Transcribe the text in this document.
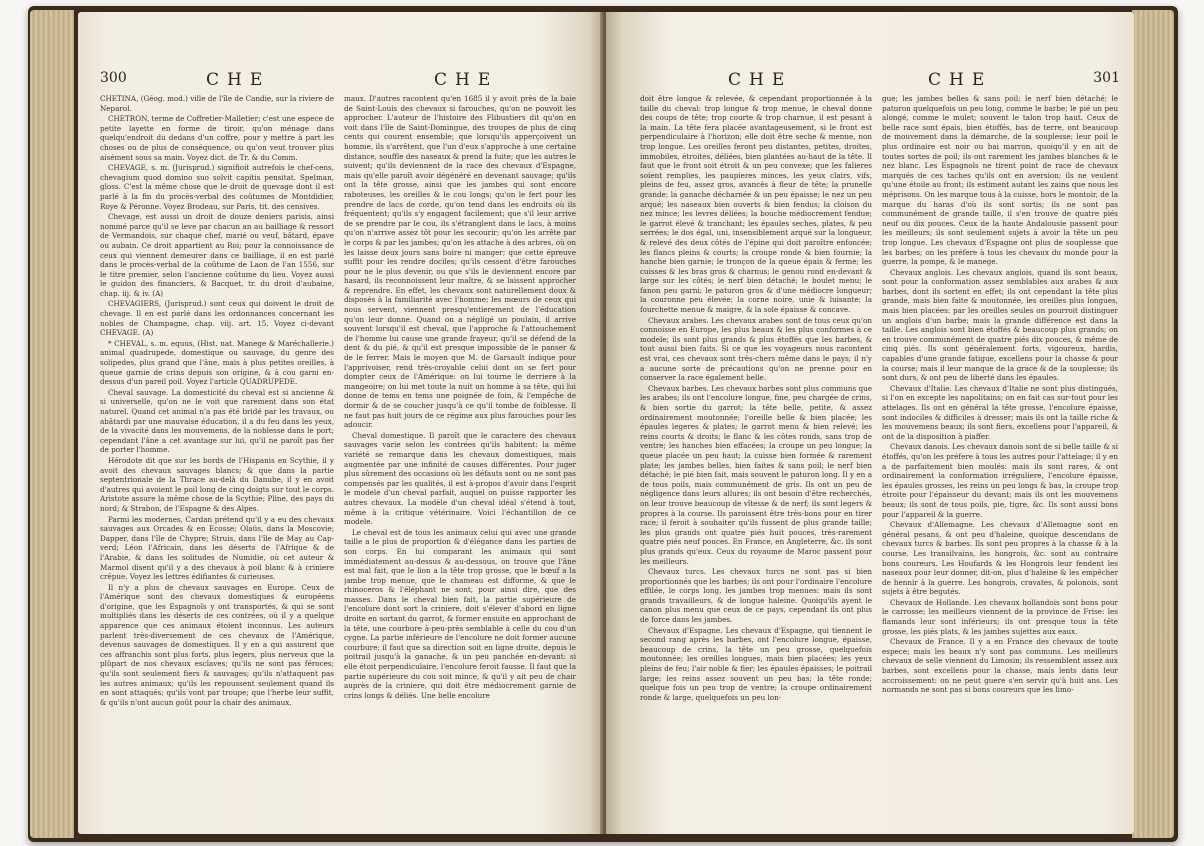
300	CHE	CHE

CHETINA, (Géog. mod.) ville de l'île de Candie, sur la riviere de Neparol.

CHETRON, terme de Coffretier-Malletier; c'est une espece de petite layette en forme de tiroir, qu'on ménage dans quelqu'endroit du dedans d'un coffre, pour y mettre à part les choses ou de plus de conséquence, ou qu'on veut trouver plus aisément sous sa main. Voyez dict. de Tr. & du Comm.

CHEVAGE, s. m. (Jurisprud.) signifioit autrefois le chef-cens, chevagium quod domino suo solvit capitis pensitat. Spelman, gloss. C'est la même chose que le droit de quevage dont il est parlé à la fin du procès-verbal des coûtumes de Montdidier, Roye & Péronne. Voyez Brodeau, sur Paris, tit. des censives.

Chevage, est aussi un droit de douze deniers parisis, ainsi nommé parce qu'il se leve par chacun an au bailliage & ressort de Vermandois, sur chaque chef, marié ou veuf, bâtard, épave ou aubain. Ce droit appartient au Roi; pour la connoissance de ceux qui viennent demeurer dans ce bailliage, il en est parlé dans le procès-verbal de la coûtume de Laon de l'an 1556, sur le titre premier, selon l'ancienne coûtume du lieu. Voyez aussi le guidon des financiers, & Bacquet, tr. du droit d'aubaine, chap. iij. & iv. (A)

CHEVAGIERS, (Jurisprud.) sont ceux qui doivent le droit de chevage. Il en est parlé dans les ordonnances concernant les nobles de Champagne, chap. viij. art. 15. Voyez ci-devant CHEVAGE. (A)

* CHEVAL, s. m. equus, (Hist. nat. Manege & Maréchallerie.) animal quadrupede, domestique ou sauvage, du genre des solipedes, plus grand que l'âne, mais à plus petites oreilles, à queue garnie de crins depuis son origine, & à cou garni en-dessus d'un pareil poil. Voyez l'article QUADRUPEDE.

Cheval sauvage. La domesticité du cheval est si ancienne & si universelle, qu'on ne le voit que rarement dans son état naturel. Quand cet animal n'a pas été bridé par les travaux, ou abâtardi par une mauvaise éducation, il a du feu dans les yeux, de la vivacité dans les mouvemens, de la noblesse dans le port; cependant l'âne a cet avantage sur lui, qu'il ne paroît pas fier de porter l'homme.

Hérodote dit que sur les bords de l'Hispanis en Scythie, il y avoit des chevaux sauvages blancs; & que dans la partie septentrionale de la Thrace au-delà du Danube, il y en avoit d'autres qui avoient le poil long de cinq doigts sur tout le corps. Aristote assure la même chose de la Scythie; Pline, des pays du nord; & Strabon, de l'Espagne & des Alpes.

Parmi les modernes, Cardan prétend qu'il y a eu des chevaux sauvages aux Orcades & en Ecosse; Olaüs, dans la Moscovie; Dapper, dans l'île de Chypre; Struis, dans l'île de May au Cap-verd; Léon l'Africain, dans les déserts de l'Afrique & de l'Arabie, & dans les solitudes de Numidie, où cet auteur & Marmol disent qu'il y a des chevaux à poil blanc & à criniere crêpue. Voyez les lettres édifiantes & curieuses.

Il n'y a plus de chevaux sauvages en Europe. Ceux de l'Amérique sont des chevaux domestiques & européens d'origine, que les Espagnols y ont transportés, & qui se sont multipliés dans les déserts de ces contrées, où il y a quelque apparence que ces animaux étoient inconnus. Les auteurs parlent très-diversement de ces chevaux de l'Amérique, devenus sauvages de domestiques. Il y en a qui assurent que ces affranchis sont plus forts, plus legers, plus nerveux que la plûpart de nos chevaux esclaves; qu'ils ne sont pas féroces; qu'ils sont seulement fiers & sauvages; qu'ils n'attaquent pas les autres animaux; qu'ils les repoussent seulement quand ils en sont attaqués; qu'ils vont par troupe; que l'herbe leur suffit, & qu'ils n'ont aucun goût pour la chair des animaux.

maux. D'autres racontent qu'en 1685 il y avoit près de la baie de Saint-Louis des chevaux si farouches, qu'on ne pouvoit les approcher. L'auteur de l'histoire des Flibustiers dit qu'on en voit dans l'île de Saint-Domingue, des troupes de plus de cinq cents qui courent ensemble; que lorsqu'ils apperçoivent un homme, ils s'arrêtent, que l'un d'eux s'approche à une certaine distance, souffle des naseaux & prend la fuite; que les autres le suivent; qu'ils deviennent de la race des chevaux d'Espagne, mais qu'elle paroît avoir dégénéré en devenant sauvage; qu'ils ont la tête grosse, ainsi que les jambes qui sont encore raboteuses, les oreilles & le cou longs; qu'on le fert pour les prendre de lacs de corde, qu'on tend dans les endroits où ils fréquentent; qu'ils s'y engagent facilement; que s'il leur arrive de se prendre par le cou, ils s'étranglent dans le lacs, à moins qu'on n'arrive assez tôt pour les secourir; qu'on les arrête par le corps & par les jambes; qu'on les attache à des arbres, où on les laisse deux jours sans boire ni manger; que cette épreuve suffit pour les rendre dociles; qu'ils cessent d'être farouches pour ne le plus devenir, ou que s'ils le deviennent encore par hasard, ils reconnoissent leur maître, & se laissent approcher & reprendre. En effet, les chevaux sont naturellement doux & disposés à la familiarité avec l'homme; les mœurs de ceux qui nous servent, viennent presqu'entierement de l'éducation qu'on leur donne. Quand on a négligé un poulain, il arrive souvent lorsqu'il est cheval, que l'approche & l'attouchement de l'homme lui cause une grande frayeur, qu'il se défend de la dent & du pié, & qu'il est presque impossible de le panser & de le ferrer. Mais le moyen que M. de Garsault indique pour l'apprivoiser, rend très-croyable celui dont on se fert pour dompter ceux de l'Amérique: on lui tourne le derriere à la mangeoire; on lui met toute la nuit un homme à sa tête, qui lui donne de tems en tems une poignée de foin, & l'empêche de dormir & de se coucher jusqu'à ce qu'il tombe de foiblesse. Il ne faut pas huit jours de ce régime aux plus farouches pour les adoucir.

Cheval domestique. Il paroît que le caractere des chevaux sauvages varie selon les contrées qu'ils habitent: la même variété se remarque dans les chevaux domestiques, mais augmentée par une infinité de causes différentes. Pour juger plus sûrement des occasions où les défauts sont ou ne sont pas compensés par les qualités, il est à-propos d'avoir dans l'esprit le modele d'un cheval parfait, auquel on puisse rapporter les autres chevaux. La modèle d'un cheval idéal s'étend à tout, même à la critique vétérinaire. Voici l'échantillon de ce modele.

Le cheval est de tous les animaux celui qui avec une grande taille a le plus de proportion & d'élégance dans les parties de son corps. En lui comparant les animaux qui sont immédiatement au-dessus & au-dessous, on trouve que l'âne est mal fait, que le lion a la tête trop grosse, que le bœuf a la jambe trop menue, que le chameau est difforme, & que le rhinoceros & l'éléphant ne sont, pour ainsi dire, que des masses. Dans le cheval bien fait, la partie supérieure de l'encolure dont sort la criniere, doit s'élever d'abord en ligne droite en sortant du garrot, & former ensuite en approchant de la tête, une courbure à-peu-près semblable à celle du cou d'un cygne. La partie inférieure de l'encolure ne doit former aucune courbure; il faut que sa direction soit en ligne droite, depuis le poitrail jusqu'à la ganache, & un peu panchée en-devant: si elle étoit perpendiculaire, l'encolure feroit fausse. Il faut que la partie supérieure du cou soit mince, & qu'il y ait peu de chair auprès de la criniere, qui doit être médiocrement garnie de crins longs & déliés. Une belle encolure

CHE	CHE	301

doit être longue & relevée, & cependant proportionnée à la taille du cheval: trop longue & trop menue, le cheval donne des coups de tête; trop courte & trop charnue, il est pesant à la main. La tête fera placée avantageusement, si le front est perpendiculaire à l'horizon; elle doit être seche & menue, non trop longue. Les oreilles feront peu distantes, petites, droites, immobiles, étroites, déliées, bien plantées au-haut de la tête. Il faut que le front soit étroit & un peu convexe; que les falieres soient remplies, les paupieres minces, les yeux clairs, vifs, pleins de feu, assez gros, avancés à fleur de tête; la prunelle grande; la ganache décharnée & un peu épaisse; le nez un peu arqué; les naseaux bien ouverts & bien fendus; la cloison du nez mince; les levres déliées; la bouche médiocrement fendue; le garrot élevé & tranchant; les épaules seches, plates, & peu serrées; le dos égal, uni, insensiblement arqué sur la longueur, & relevé des deux côtés de l'épine qui doit paroître enfoncée; les flancs pleins & courts; la croupe ronde & bien fournie; la hanche bien garnie; le tronçon de la queue épais & ferme; les cuisses & les bras gros & charnus; le genou rond en-devant & large sur les côtés; le nerf bien détaché; le boulet menu; le fanon peu garni; le paturon gros & d'une médiocre longueur; la couronne peu élevée; la corne noire, unie & luisante; la fourchette menue & maigre, & la sole épaisse & concave.

Chevaux arabes. Les chevaux arabes sont de tous ceux qu'on connoisse en Europe, les plus beaux & les plus conformes à ce modele; ils sont plus grands & plus étoffés que les barbes, & tout aussi bien faits. Si ce que les voyageurs nous racontent est vrai, ces chevaux sont très-chers même dans le pays; il n'y a aucune sorte de précautions qu'on ne prenne pour en conserver la race également belle.

Chevaux barbes. Les chevaux barbes sont plus communs que les arabes; ils ont l'encolure longue, fine, peu chargée de crins, & bien sortie du garrot; la tête belle, petite, & assez ordinairement moutonnée; l'oreille belle & bien placée; les épaules legeres & plates; le garrot menu & bien relevé; les reins courts & droits; le flanc & les côtes ronds, sans trop de ventre; les hanches bien effacées; la croupe un peu longue; la queue placée un peu haut; la cuisse bien formée & rarement plate; les jambes belles, bien faites & sans poil; le nerf bien détaché; le pié bien fait, mais souvent le paturon long. Il y en a de tous poils, mais communément de gris. Ils ont un peu de négligence dans leurs allures; ils ont besoin d'être recherchés, on leur trouve beaucoup de vîtesse & de nerf; ils sont legers & propres à la course. Ils paroissent être très-bons pour en tirer race; il feroit à souhaiter qu'ils fussent de plus grande taille; les plus grands ont quatre piés huit pouces, très-rarement quatre piés neuf pouces. En France, en Angleterre, &c. ils sont plus grands qu'eux. Ceux du royaume de Maroc passent pour les meilleurs.

Chevaux turcs. Les chevaux turcs ne sont pas si bien proportionnés que les barbes; ils ont pour l'ordinaire l'encolure effilée, le corps long, les jambes trop menues: mais ils sont grands travailleurs, & de longue haleine. Quoiqu'ils ayent le canon plus menu que ceux de ce pays, cependant ils ont plus de force dans les jambes.

Chevaux d'Espagne. Les chevaux d'Espagne, qui tiennent le second rang après les barbes, ont l'encolure longue, épaisse, beaucoup de crins, la tête un peu grosse, quelquefois moutonnée; les oreilles longues, mais bien placées; les yeux pleins de feu; l'air noble & fier; les épaules épaisses; le poitrail large; les reins assez souvent un peu bas; la tête ronde; quelque fois un peu trop de ventre; la croupe ordinairement ronde & large, quelquefois un peu lon-

gue; les jambes belles & sans poil; le nerf bien détaché; le paturon quelquefois un peu long, comme le barbe; le pié un peu alongé, comme le mulet; souvent le talon trop haut. Ceux de belle race sont épais, bien étoffés, bas de terre, ont beaucoup de mouvement dans la démarche, de la souplesse; leur poil le plus ordinaire est noir ou bai marron, quoiqu'il y en ait de toutes sortes de poil; ils ont rarement les jambes blanches & le nez blanc. Les Espagnols ne tirent point de race de chevaux marqués de ces taches qu'ils ont en aversion; ils ne veulent qu'une étoile au front; ils estiment autant les zains que nous les méprisons. On les marque tous à la cuisse, hors le montoir, de la marque du haras d'où ils sont sortis; ils ne sont pas communément de grande taille, il s'en trouve de quatre piés neuf ou dix pouces. Ceux de la haute Andalousie passent pour les meilleurs; ils sont seulement sujets à avoir la tête un peu trop longue. Les chevaux d'Espagne ont plus de souplesse que les barbes; on les préfere à tous les chevaux du monde pour la guerre, la pompe, & le manege.

Chevaux anglois. Les chevaux anglois, quand ils sont beaux, sont pour la conformation assez semblables aux arabes & aux barbes, dont ils sortent en effet; ils ont cependant la tête plus grande, mais bien faite & moutonnée, les oreilles plus longues, mais bien placées: par les oreilles seules on pourroit distinguer un anglois d'un barbe; mais la grande différence est dans la taille. Les anglois sont bien étoffés & beaucoup plus grands; on en trouve communément de quatre piés dix pouces, & même de cinq piés. Ils sont généralement forts, vigoureux, hardis, capables d'une grande fatigue, excellens pour la chasse & pour la course; mais il leur manque de la grace & de la souplesse; ils sont durs, & ont peu de liberté dans les épaules.

Chevaux d'Italie. Les chevaux d'Italie ne sont plus distingués, si l'on en excepte les napolitains; on en fait cas sur-tout pour les attelages. Ils ont en général la tête grosse, l'encolure épaisse, sont indociles & difficiles à dresser; mais ils ont la taille riche & les mouvemens beaux; ils sont fiers, excellens pour l'appareil, & ont de la disposition à piaffer.

Chevaux danois. Les chevaux danois sont de si belle taille & si étoffés, qu'on les préfere à tous les autres pour l'attelage; il y en a de parfaitement bien moulés: mais ils sont rares, & ont ordinairement la conformation irréguliere, l'encolure épaisse, les épaules grosses, les reins un peu longs & bas, la croupe trop étroite pour l'épaisseur du devant; mais ils ont les mouvemens beaux; ils sont de tous poils, pie, tigre, &c. Ils sont aussi bons pour l'appareil & la guerre.

Chevaux d'Allemagne. Les chevaux d'Allemagne sont en général pesans, & ont peu d'haleine, quoique descendans de chevaux turcs & barbes. Ils sont peu propres à la chasse & à la course. Les transilvains, les hongrois, &c. sont au contraire bons coureurs. Les Houfards & les Hongrois leur fendent les naseaux pour leur donner, dit-on, plus d'haleine & les empêcher de hennir à la guerre. Les hongrois, cravates, & polonois, sont sujets à être begutés.

Chevaux de Hollande. Les chevaux hollandois sont bons pour le carrosse; les meilleurs viennent de la province de Frise: les flamands leur sont inférieurs; ils ont presque tous la tête grosse, les piés plats, & les jambes sujettes aux eaux.

Chevaux de France. Il y a en France des chevaux de toute espece; mais les beaux n'y sont pas communs. Les meilleurs chevaux de selle viennent du Limosin; ils ressemblent assez aux barbes, sont excellens pour la chasse, mais lents dans leur accroissement: on ne peut guere s'en servir qu'à huit ans. Les normands ne sont pas si bons coureurs que les limo-
